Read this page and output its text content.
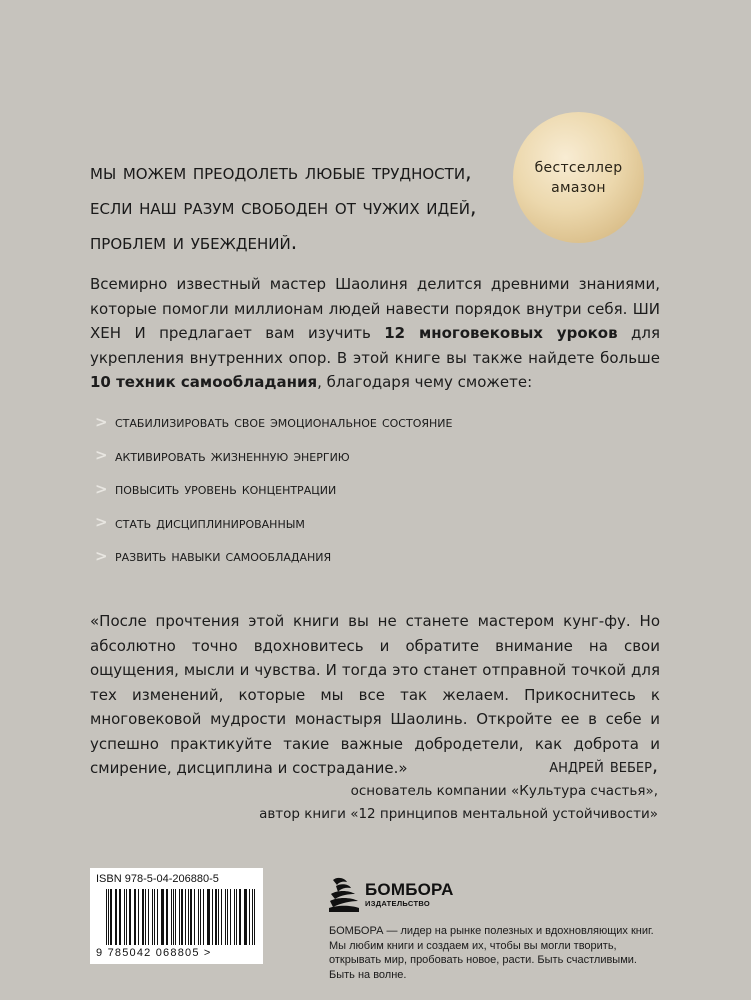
бестселлер
амазон
мы можем преодолеть любые трудности,
если наш разум свободен от чужих идей,
проблем и убеждений.
Всемирно известный мастер Шаолиня делится древними знаниями, которые помогли миллионам людей навести порядок внутри себя. ШИ ХЕН И предлагает вам изучить 12 многовековых уроков для укрепления внутренних опор. В этой книге вы также найдете больше 10 техник самообладания, благодаря чему сможете:
> стабилизировать свое эмоциональное состояние
> активировать жизненную энергию
> повысить уровень концентрации
> стать дисциплинированным
> развить навыки самообладания
«После прочтения этой книги вы не станете мастером кунг-фу. Но абсолютно точно вдохновитесь и обратите внимание на свои ощущения, мысли и чувства. И тогда это станет отправной точкой для тех изменений, которые мы все так желаем. Прикоснитесь к многовековой мудрости монастыря Шаолинь. Откройте ее в себе и успешно практикуйте такие важные добродетели, как доброта и смирение, дисциплина и сострадание.»	андрей вебер,
основатель компании «Культура счастья»,
автор книги «12 принципов ментальной устойчивости»
ISBN 978-5-04-206880-5
9 785042 068805 >
БОМБОРА
ИЗДАТЕЛЬСТВО
БОМБОРА — лидер на рынке полезных и вдохновляющих книг. Мы любим книги и создаем их, чтобы вы могли творить, открывать мир, пробовать новое, расти. Быть счастливыми. Быть на волне.
